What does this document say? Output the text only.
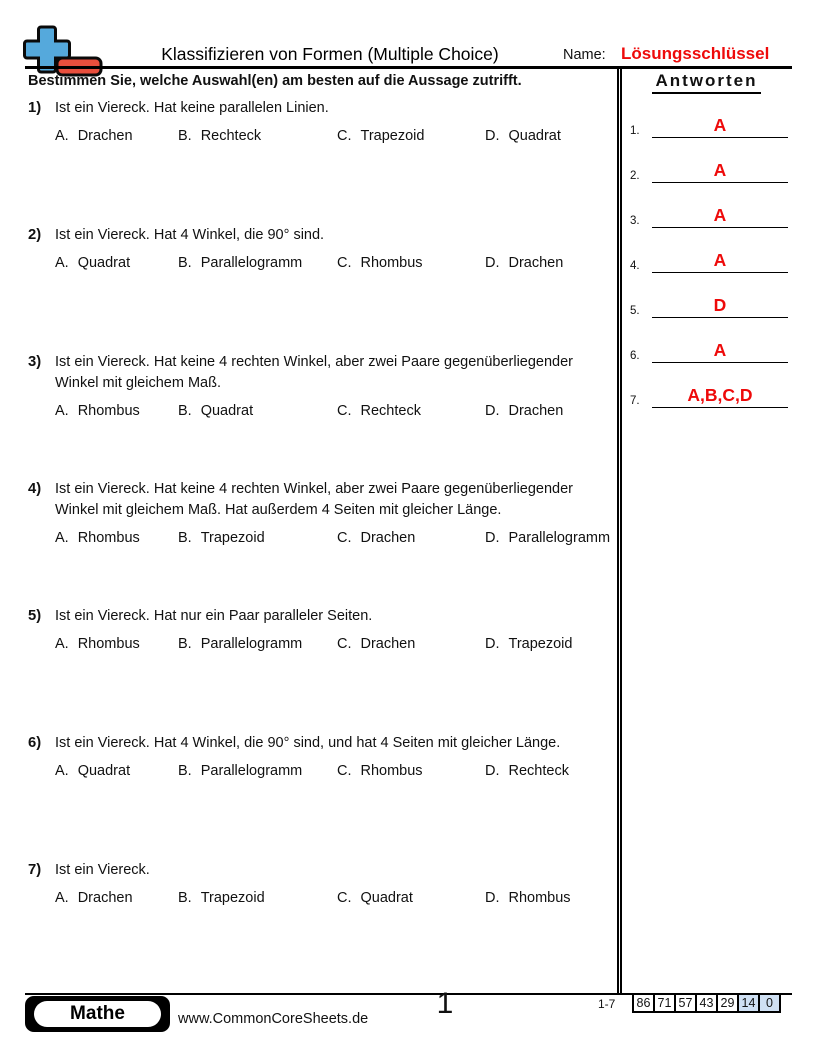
Klassifizieren von Formen (Multiple Choice)	Name: Lösungsschlüssel
Bestimmen Sie, welche Auswahl(en) am besten auf die Aussage zutrifft.
1) Ist ein Viereck. Hat keine parallelen Linien.
A. Drachen	B. Rechteck	C. Trapezoid	D. Quadrat
2) Ist ein Viereck. Hat 4 Winkel, die 90° sind.
A. Quadrat	B. Parallelogramm C. Rhombus	D. Drachen
3) Ist ein Viereck. Hat keine 4 rechten Winkel, aber zwei Paare gegenüberliegender Winkel mit gleichem Maß.
A. Rhombus	B. Quadrat	C. Rechteck	D. Drachen
4) Ist ein Viereck. Hat keine 4 rechten Winkel, aber zwei Paare gegenüberliegender Winkel mit gleichem Maß. Hat außerdem 4 Seiten mit gleicher Länge.
A. Rhombus	B. Trapezoid	C. Drachen	D. Parallelogramm
5) Ist ein Viereck. Hat nur ein Paar paralleler Seiten.
A. Rhombus	B. Parallelogramm C. Drachen	D. Trapezoid
6) Ist ein Viereck. Hat 4 Winkel, die 90° sind, und hat 4 Seiten mit gleicher Länge.
A. Quadrat	B. Parallelogramm C. Rhombus	D. Rechteck
7) Ist ein Viereck.
A. Drachen	B. Trapezoid	C. Quadrat	D. Rhombus
Antworten
1.	A
2.	A
3.	A
4.	A
5.	D
6.	A
7.	A,B,C,D
Mathe	www.CommonCoreSheets.de	1	1-7	86 71 57 43 29 14 0
